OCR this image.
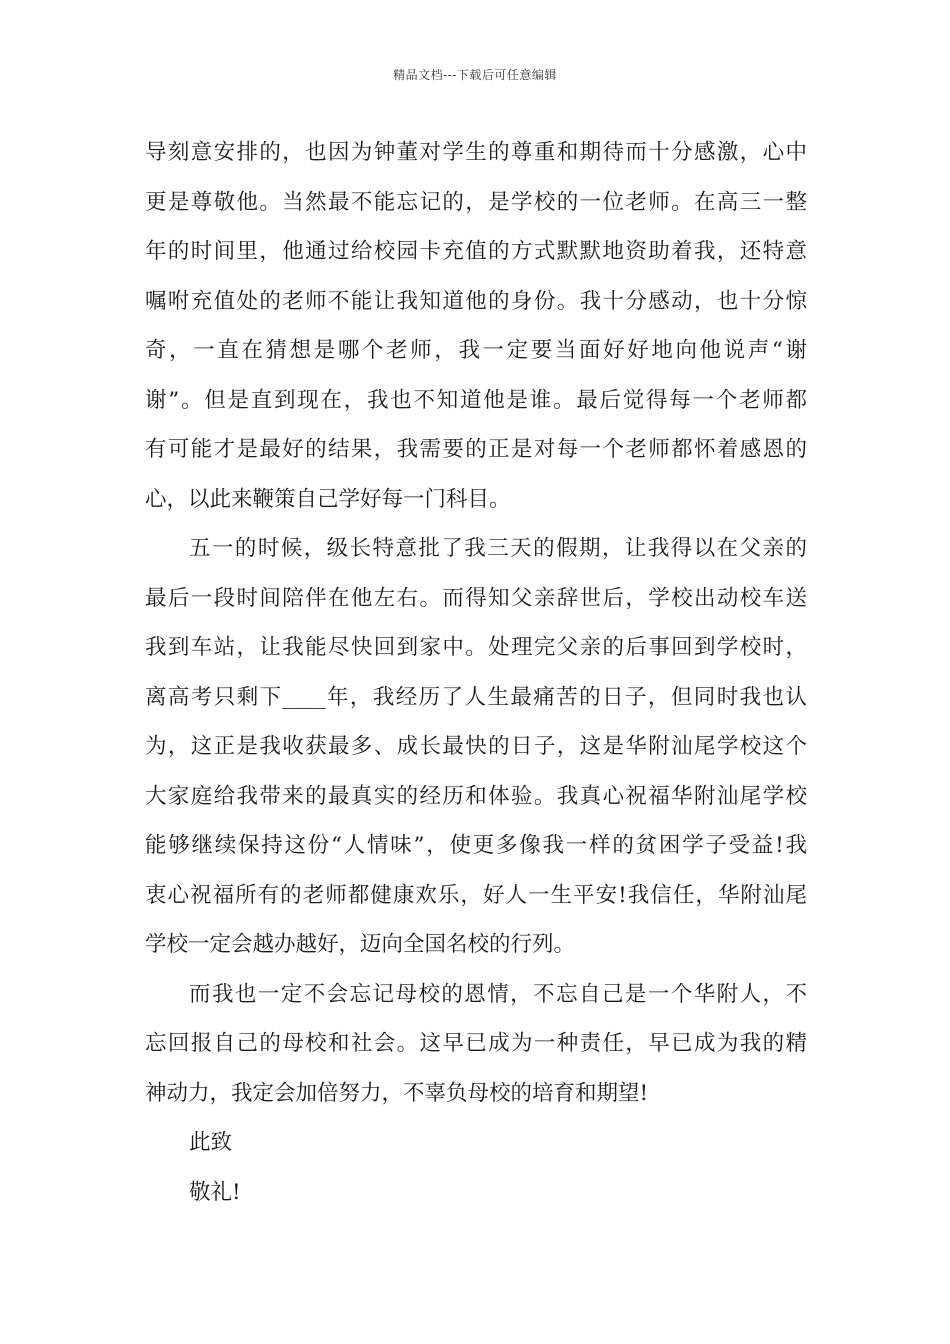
精品文档---下载后可任意编辑
导刻意安排的，也因为钟董对学生的尊重和期待而十分感激，心中
更是尊敬他。当然最不能忘记的，是学校的一位老师。在高三一整
年的时间里，他通过给校园卡充值的方式默默地资助着我，还特意
嘱咐充值处的老师不能让我知道他的身份。我十分感动，也十分惊
奇，一直在猜想是哪个老师，我一定要当面好好地向他说声“谢
谢”。但是直到现在，我也不知道他是谁。最后觉得每一个老师都
有可能才是最好的结果，我需要的正是对每一个老师都怀着感恩的
心，以此来鞭策自己学好每一门科目。
五一的时候，级长特意批了我三天的假期，让我得以在父亲的
最后一段时间陪伴在他左右。而得知父亲辞世后，学校出动校车送
我到车站，让我能尽快回到家中。处理完父亲的后事回到学校时，
离高考只剩下____年，我经历了人生最痛苦的日子，但同时我也认
为，这正是我收获最多、成长最快的日子，这是华附汕尾学校这个
大家庭给我带来的最真实的经历和体验。我真心祝福华附汕尾学校
能够继续保持这份“人情味”，使更多像我一样的贫困学子受益!我
衷心祝福所有的老师都健康欢乐，好人一生平安!我信任，华附汕尾
学校一定会越办越好，迈向全国名校的行列。
而我也一定不会忘记母校的恩情，不忘自己是一个华附人，不
忘回报自己的母校和社会。这早已成为一种责任，早已成为我的精
神动力，我定会加倍努力，不辜负母校的培育和期望!
此致
敬礼!
